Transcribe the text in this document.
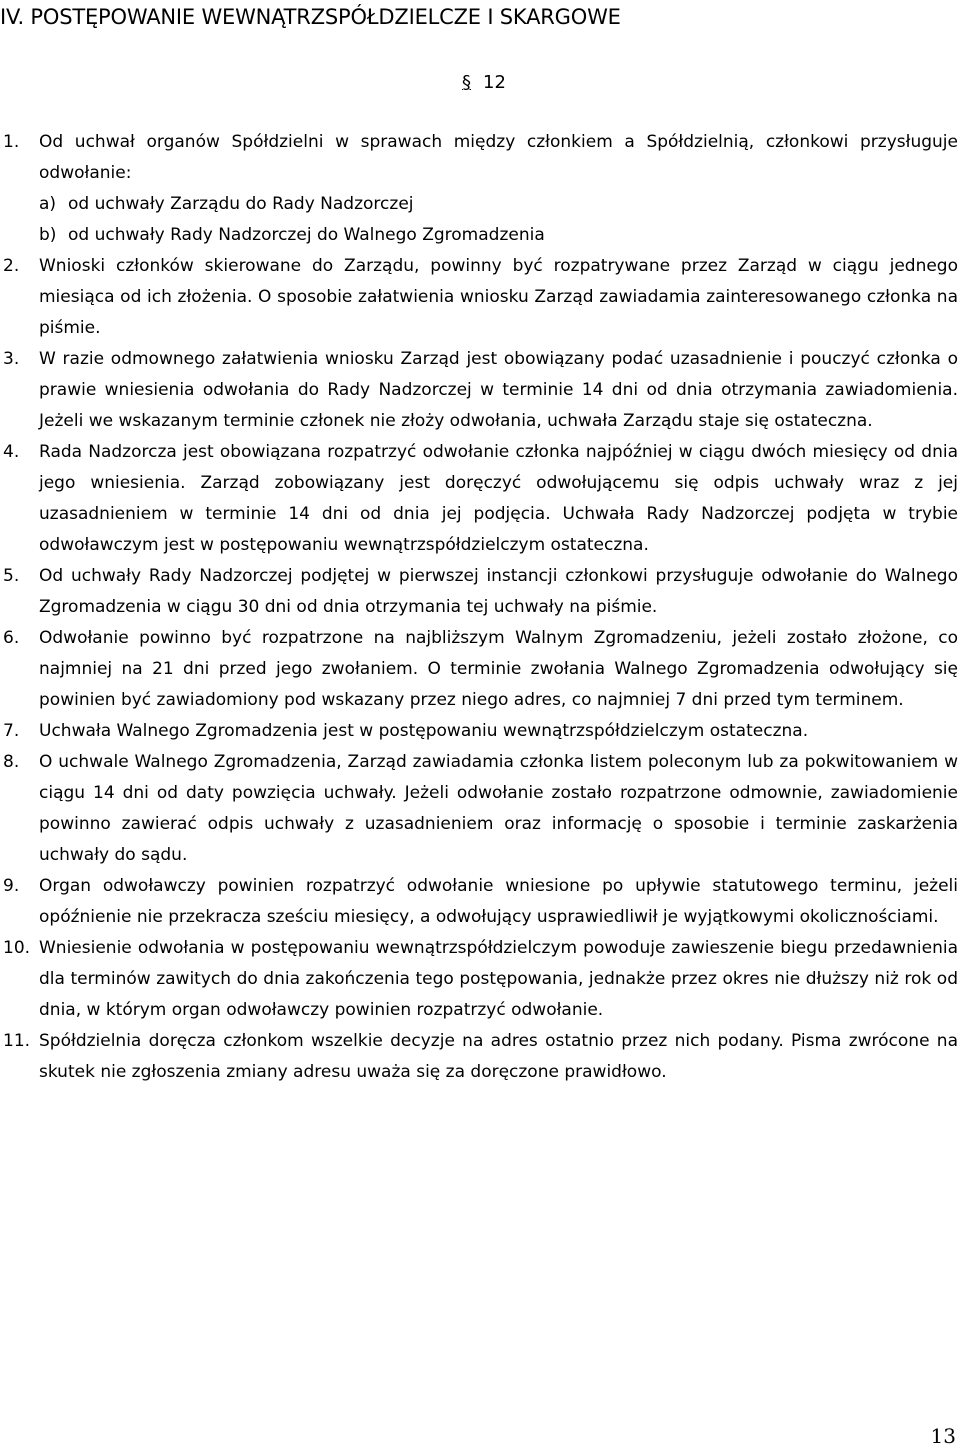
IV. POSTĘPOWANIE WEWNĄTRZSPÓŁDZIELCZE I SKARGOWE
§ 12
1. Od uchwał organów Spółdzielni w sprawach między członkiem a Spółdzielnią, członkowi przysługuje odwołanie:
a) od uchwały Zarządu do Rady Nadzorczej
b) od uchwały Rady Nadzorczej do Walnego Zgromadzenia
2. Wnioski członków skierowane do Zarządu, powinny być rozpatrywane przez Zarząd w ciągu jednego miesiąca od ich złożenia. O sposobie załatwienia wniosku Zarząd zawiadamia zainteresowanego członka na piśmie.
3. W razie odmownego załatwienia wniosku Zarząd jest obowiązany podać uzasadnienie i pouczyć członka o prawie wniesienia odwołania do Rady Nadzorczej w terminie 14 dni od dnia otrzymania zawiadomienia. Jeżeli we wskazanym terminie członek nie złoży odwołania, uchwała Zarządu staje się ostateczna.
4. Rada Nadzorcza jest obowiązana rozpatrzyć odwołanie członka najpóźniej w ciągu dwóch miesięcy od dnia jego wniesienia. Zarząd zobowiązany jest doręczyć odwołującemu się odpis uchwały wraz z jej uzasadnieniem w terminie 14 dni od dnia jej podjęcia. Uchwała Rady Nadzorczej podjęta w trybie odwoławczym jest w postępowaniu wewnątrzspółdzielczym ostateczna.
5. Od uchwały Rady Nadzorczej podjętej w pierwszej instancji członkowi przysługuje odwołanie do Walnego Zgromadzenia w ciągu 30 dni od dnia otrzymania tej uchwały na piśmie.
6. Odwołanie powinno być rozpatrzone na najbliższym Walnym Zgromadzeniu, jeżeli zostało złożone, co najmniej na 21 dni przed jego zwołaniem. O terminie zwołania Walnego Zgromadzenia odwołujący się powinien być zawiadomiony pod wskazany przez niego adres, co najmniej 7 dni przed tym terminem.
7. Uchwała Walnego Zgromadzenia jest w postępowaniu wewnątrzspółdzielczym ostateczna.
8. O uchwale Walnego Zgromadzenia, Zarząd zawiadamia członka listem poleconym lub za pokwitowaniem w ciągu 14 dni od daty powzięcia uchwały. Jeżeli odwołanie zostało rozpatrzone odmownie, zawiadomienie powinno zawierać odpis uchwały z uzasadnieniem oraz informację o sposobie i terminie zaskarżenia uchwały do sądu.
9. Organ odwoławczy powinien rozpatrzyć odwołanie wniesione po upływie statutowego terminu, jeżeli opóźnienie nie przekracza sześciu miesięcy, a odwołujący usprawiedliwił je wyjątkowymi okolicznościami.
10. Wniesienie odwołania w postępowaniu wewnątrzspółdzielczym powoduje zawieszenie biegu przedawnienia dla terminów zawitych do dnia zakończenia tego postępowania, jednakże przez okres nie dłuższy niż rok od dnia, w którym organ odwoławczy powinien rozpatrzyć odwołanie.
11. Spółdzielnia doręcza członkom wszelkie decyzje na adres ostatnio przez nich podany. Pisma zwrócone na skutek nie zgłoszenia zmiany adresu uważa się za doręczone prawidłowo.
13
